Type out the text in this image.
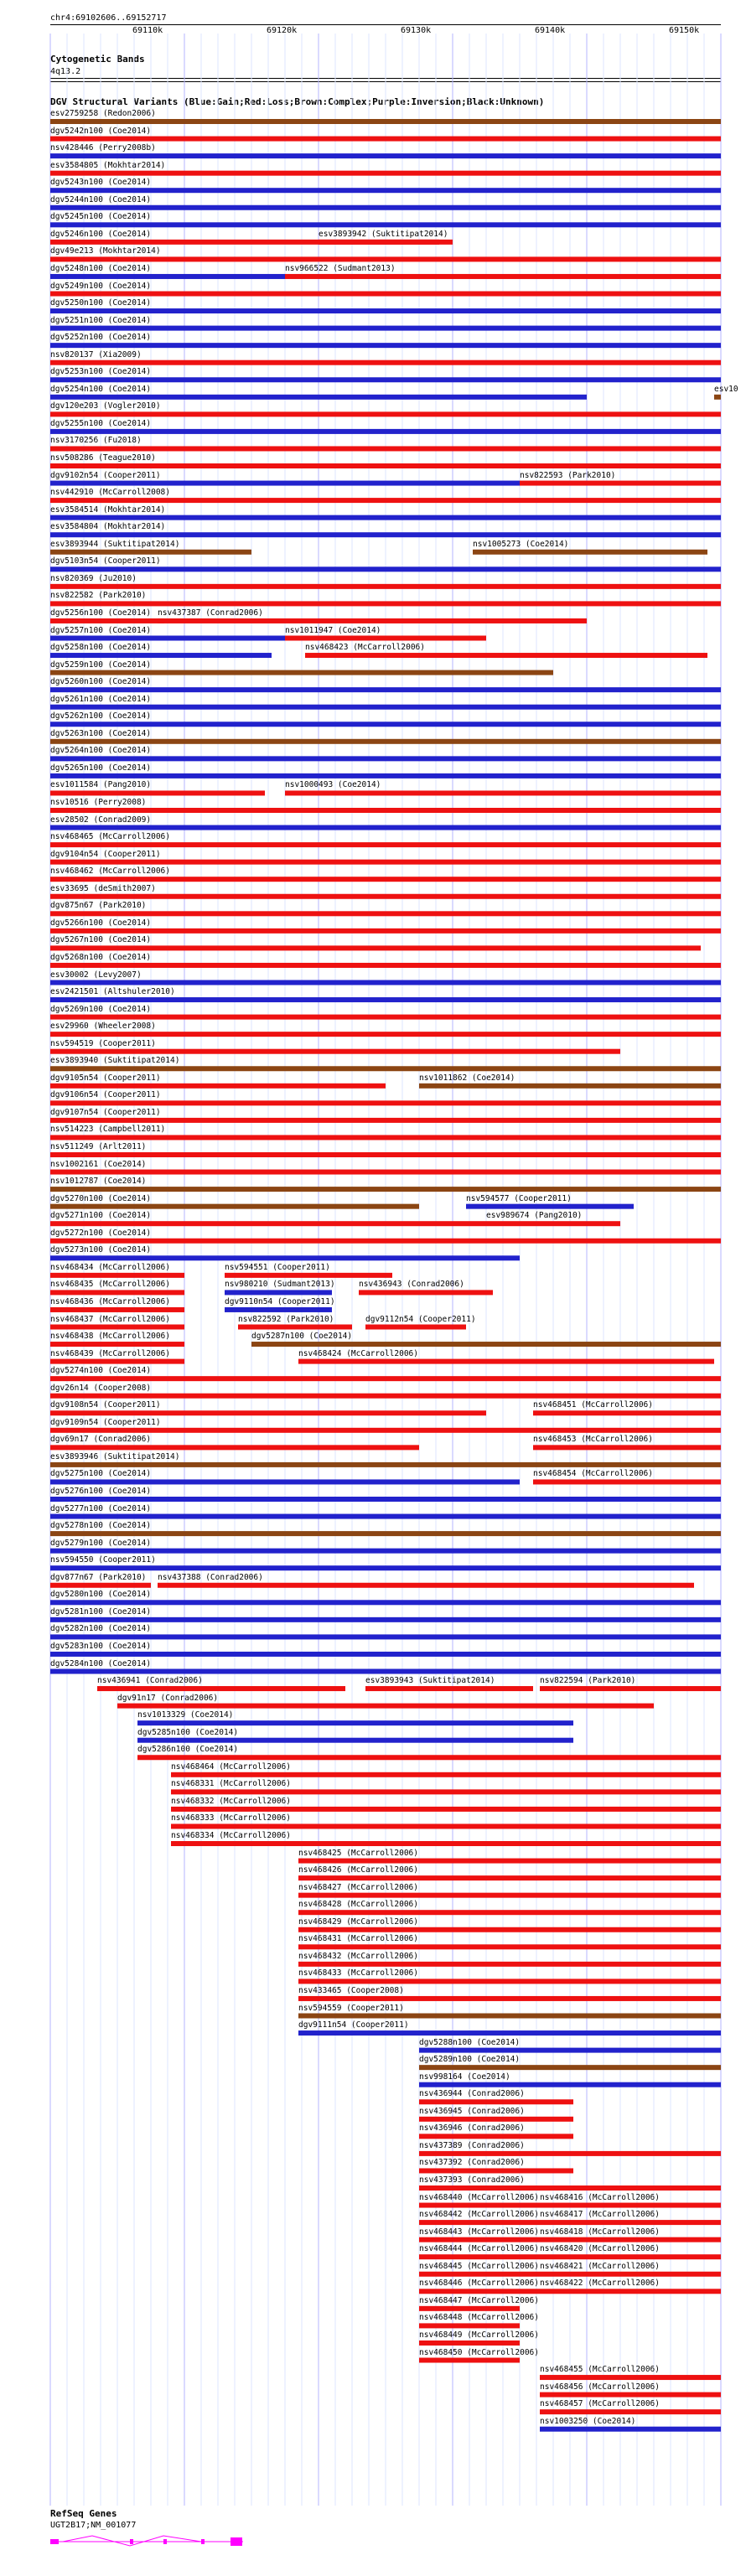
chr4:69102606..69152717
69110k	69120k	69130k	69140k	69150k
Cytogenetic Bands
4q13.2
DGV Structural Variants (Blue:Gain;Red:Loss;Brown:Complex;Purple:Inversion;Black:Unknown)
esv2759258 (Redon2006)
dgv5242n100 (Coe2014)
nsv428446 (Perry2008b)
esv3584805 (Mokhtar2014)
dgv5243n100 (Coe2014)
dgv5244n100 (Coe2014)
dgv5245n100 (Coe2014)
dgv5246n100 (Coe2014)	esv3893942 (Suktitipat2014)
dgv49e213 (Mokhtar2014)
dgv5248n100 (Coe2014)	nsv966522 (Sudmant2013)
dgv5249n100 (Coe2014)
dgv5250n100 (Coe2014)
dgv5251n100 (Coe2014)
dgv5252n100 (Coe2014)
nsv820137 (Xia2009)
dgv5253n100 (Coe2014)
dgv5254n100 (Coe2014)	esv10
dgv120e203 (Vogler2010)
dgv5255n100 (Coe2014)
nsv3170256 (Fu2018)
nsv508286 (Teague2010)
dgv9102n54 (Cooper2011)	nsv822593 (Park2010)
nsv442910 (McCarroll2008)
esv3584514 (Mokhtar2014)
esv3584804 (Mokhtar2014)
esv3893944 (Suktitipat2014)	nsv1005273 (Coe2014)
dgv5103n54 (Cooper2011)
nsv820369 (Ju2010)
nsv822582 (Park2010)
dgv5256n100 (Coe2014) nsv437387 (Conrad2006)
dgv5257n100 (Coe2014)	nsv1011947 (Coe2014)
dgv5258n100 (Coe2014)	nsv468423 (McCarroll2006)
dgv5259n100 (Coe2014)
dgv5260n100 (Coe2014)
dgv5261n100 (Coe2014)
dgv5262n100 (Coe2014)
dgv5263n100 (Coe2014)
dgv5264n100 (Coe2014)
dgv5265n100 (Coe2014)
esv1011584 (Pang2010)	nsv1000493 (Coe2014)
nsv10516 (Perry2008)
esv28502 (Conrad2009)
nsv468465 (McCarroll2006)
dgv9104n54 (Cooper2011)
nsv468462 (McCarroll2006)
esv33695 (deSmith2007)
dgv875n67 (Park2010)
dgv5266n100 (Coe2014)
dgv5267n100 (Coe2014)
dgv5268n100 (Coe2014)
esv30002 (Levy2007)
esv2421501 (Altshuler2010)
dgv5269n100 (Coe2014)
esv29960 (Wheeler2008)
nsv594519 (Cooper2011)
esv3893940 (Suktitipat2014)
dgv9105n54 (Cooper2011)	nsv1011862 (Coe2014)
dgv9106n54 (Cooper2011)
dgv9107n54 (Cooper2011)
nsv514223 (Campbell2011)
nsv511249 (Arlt2011)
nsv1002161 (Coe2014)
nsv1012787 (Coe2014)
dgv5270n100 (Coe2014)	nsv594577 (Cooper2011)
dgv5271n100 (Coe2014)	esv989674 (Pang2010)
dgv5272n100 (Coe2014)
dgv5273n100 (Coe2014)
nsv468434 (McCarroll2006)	nsv594551 (Cooper2011)
nsv468435 (McCarroll2006)	nsv980210 (Sudmant2013)	nsv436943 (Conrad2006)
nsv468436 (McCarroll2006)	dgv9110n54 (Cooper2011)
nsv468437 (McCarroll2006)	nsv822592 (Park2010)	dgv9112n54 (Cooper2011)
nsv468438 (McCarroll2006)	dgv5287n100 (Coe2014)
nsv468439 (McCarroll2006)	nsv468424 (McCarroll2006)
dgv5274n100 (Coe2014)
dgv26n14 (Cooper2008)
dgv9108n54 (Cooper2011)	nsv468451 (McCarroll2006)
dgv9109n54 (Cooper2011)
dgv69n17 (Conrad2006)	nsv468453 (McCarroll2006)
esv3893946 (Suktitipat2014)
dgv5275n100 (Coe2014)	nsv468454 (McCarroll2006)
dgv5276n100 (Coe2014)
dgv5277n100 (Coe2014)
dgv5278n100 (Coe2014)
dgv5279n100 (Coe2014)
nsv594550 (Cooper2011)
dgv877n67 (Park2010) nsv437388 (Conrad2006)
dgv5280n100 (Coe2014)
dgv5281n100 (Coe2014)
dgv5282n100 (Coe2014)
dgv5283n100 (Coe2014)
dgv5284n100 (Coe2014)
nsv436941 (Conrad2006)	esv3893943 (Suktitipat2014)	nsv822594 (Park2010)
dgv91n17 (Conrad2006)
nsv1013329 (Coe2014)
dgv5285n100 (Coe2014)
dgv5286n100 (Coe2014)
nsv468464 (McCarroll2006)
nsv468331 (McCarroll2006)
nsv468332 (McCarroll2006)
nsv468333 (McCarroll2006)
nsv468334 (McCarroll2006)
nsv468425 (McCarroll2006)
nsv468426 (McCarroll2006)
nsv468427 (McCarroll2006)
nsv468428 (McCarroll2006)
nsv468429 (McCarroll2006)
nsv468431 (McCarroll2006)
nsv468432 (McCarroll2006)
nsv468433 (McCarroll2006)
nsv433465 (Cooper2008)
nsv594559 (Cooper2011)
dgv9111n54 (Cooper2011)
dgv5288n100 (Coe2014)
dgv5289n100 (Coe2014)
nsv998164 (Coe2014)
nsv436944 (Conrad2006)
nsv436945 (Conrad2006)
nsv436946 (Conrad2006)
nsv437389 (Conrad2006)
nsv437392 (Conrad2006)
nsv437393 (Conrad2006)
nsv468440 (McCarroll2006) nsv468416 (McCarroll2006)
nsv468442 (McCarroll2006) nsv468417 (McCarroll2006)
nsv468443 (McCarroll2006) nsv468418 (McCarroll2006)
nsv468444 (McCarroll2006) nsv468420 (McCarroll2006)
nsv468445 (McCarroll2006) nsv468421 (McCarroll2006)
nsv468446 (McCarroll2006) nsv468422 (McCarroll2006)
nsv468447 (McCarroll2006)
nsv468448 (McCarroll2006)
nsv468449 (McCarroll2006)
nsv468450 (McCarroll2006)
nsv468455 (McCarroll2006)
nsv468456 (McCarroll2006)
nsv468457 (McCarroll2006)
nsv1003250 (Coe2014)
RefSeq Genes
UGT2B17;NM_001077
